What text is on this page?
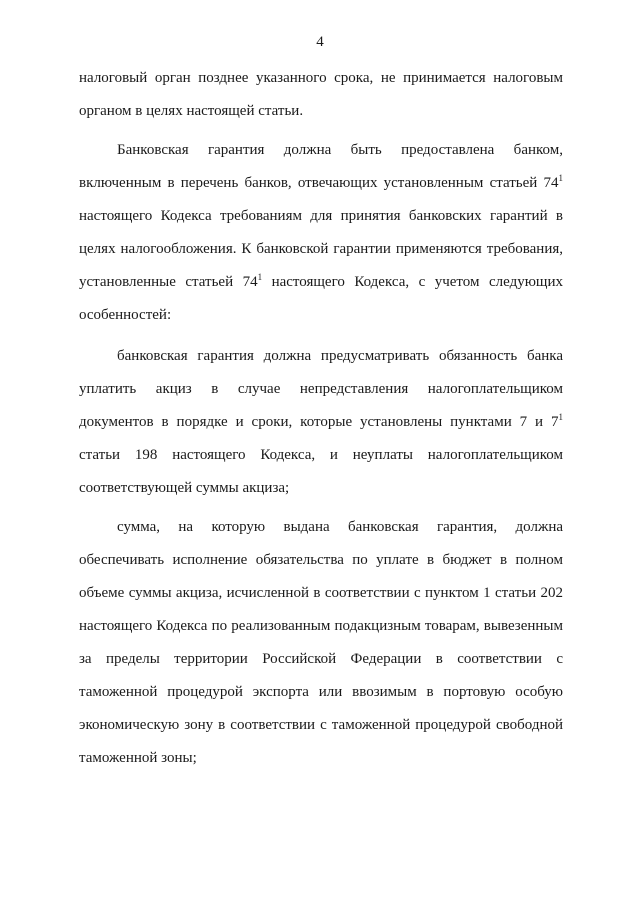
4
налоговый орган позднее указанного срока, не принимается налоговым
органом в целях настоящей статьи.
Банковская гарантия должна быть предоставлена банком,
включенным в перечень банков, отвечающих установленным статьей $74^1$
настоящего Кодекса требованиям для принятия банковских гарантий в
целях налогообложения. К банковской гарантии применяются требования,
установленные статьей $74^1$ настоящего Кодекса, с учетом следующих
особенностей:
банковская гарантия должна предусматривать обязанность банка
уплатить акциз в случае непредставления налогоплательщиком
документов в порядке и сроки, которые установлены пунктами 7 и $7^1$
статьи 198 настоящего Кодекса, и неуплаты налогоплательщиком
соответствующей суммы акциза;
сумма, на которую выдана банковская гарантия, должна
обеспечивать исполнение обязательства по уплате в бюджет в полном
объеме суммы акциза, исчисленной в соответствии с пунктом 1 статьи 202
настоящего Кодекса по реализованным подакцизным товарам, вывезенным
за пределы территории Российской Федерации в соответствии с
таможенной процедурой экспорта или ввозимым в портовую особую
экономическую зону в соответствии с таможенной процедурой свободной
таможенной зоны;
